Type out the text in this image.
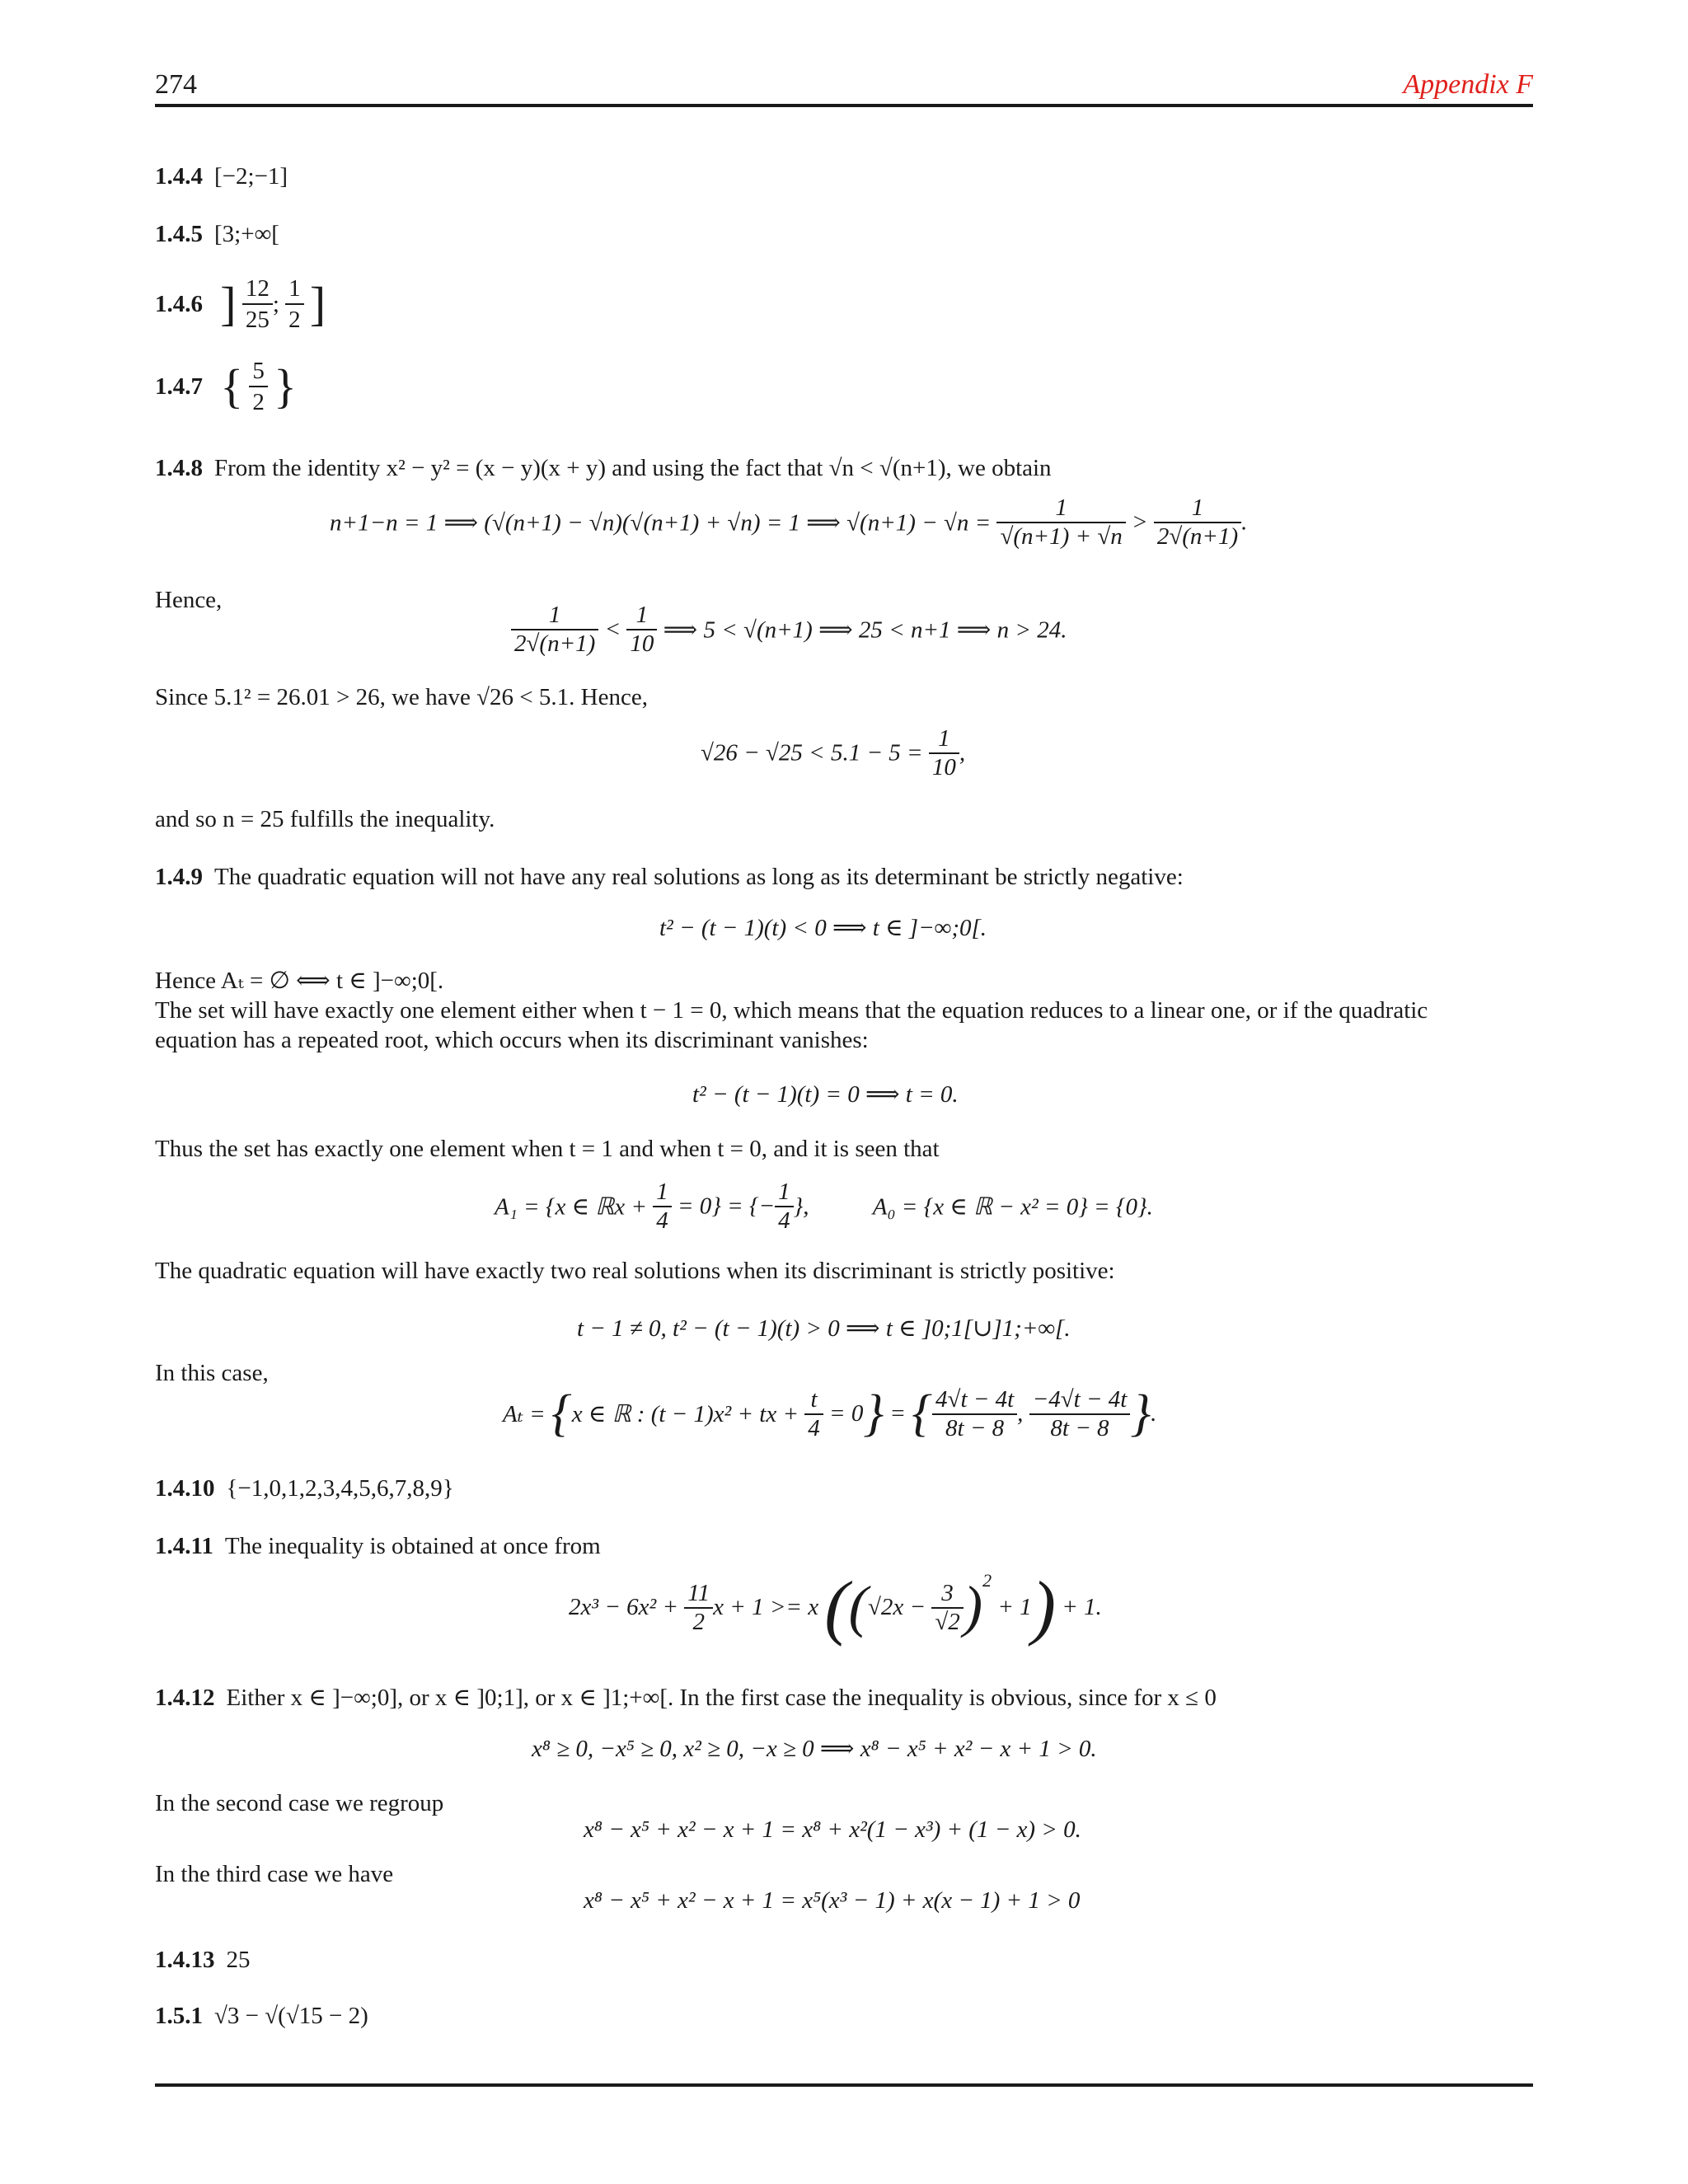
274	Appendix F
1.4.4 [−2;−1]
1.4.5 [3;+∞[
1.4.6 ] $\frac{12}{25}$ ; $\frac{1}{2}$ ]
1.4.7 { $\frac{5}{2}$ }
1.4.8 From the identity x² − y² = (x − y)(x + y) and using the fact that √n < √(n+1), we obtain
n+1−n = 1 ⟹ (√(n+1) − √n)(√(n+1) + √n) = 1 ⟹ $√(n+1) - √n = \frac{1}{√(n+1) + √n} > \frac{1}{2√(n+1)}$ .
Hence,
$\frac{1}{2√(n+1)} < \frac{1}{10}$ ⟹ 5 < √(n+1) ⟹ 25 < n+1 ⟹ n > 24.
Since 5.1² = 26.01 > 26, we have √26 < 5.1. Hence,
$√26 - √25 < 5.1 - 5 = \frac{1}{10}$ ,
and so n = 25 fulfills the inequality.
1.4.9 The quadratic equation will not have any real solutions as long as its determinant be strictly negative:
t² − (t − 1)(t) < 0 ⟹ t ∈ ]−∞;0[.
Hence Aₜ = ∅ ⟺ t ∈ ]−∞;0[.
The set will have exactly one element either when t − 1 = 0, which means that the equation reduces to a linear one, or if the quadratic
equation has a repeated root, which occurs when its discriminant vanishes:
t² − (t − 1)(t) = 0 ⟹ t = 0.
Thus the set has exactly one element when t = 1 and when t = 0, and it is seen that
A₁ = {x ∈ ℝx + $\frac{1}{4} = 0$} = {− $\frac{1}{4}$ },	A₀ = {x ∈ ℝ − x² = 0} = {0}.
The quadratic equation will have exactly two real solutions when its discriminant is strictly positive:
t − 1 ≠ 0, t² − (t − 1)(t) > 0 ⟹ t ∈ ]0;1[∪]1;+∞[.
In this case,
Aₜ = {x ∈ ℝ : (t − 1)x² + tx + $\frac{t}{4} = 0$} = { $\frac{4√t - 4t}{8t - 8}$ , $\frac{-4√t - 4t}{8t - 8}$ }.
1.4.10 {−1,0,1,2,3,4,5,6,7,8,9}
1.4.11 The inequality is obtained at once from
$2x^3 - 6x^2 + \frac{11}{2}$ x + 1 >= x $((√2x - \frac{3}{√2} )^2 + 1) + 1$.
1.4.12 Either x ∈ ]−∞;0], or x ∈ ]0;1], or x ∈ ]1;+∞[. In the first case the inequality is obvious, since for x ≤ 0
x⁸ ≥ 0, −x⁵ ≥ 0, x² ≥ 0, −x ≥ 0 ⟹ x⁸ − x⁵ + x² − x + 1 > 0.
In the second case we regroup
x⁸ − x⁵ + x² − x + 1 = x⁸ + x²(1 − x³) + (1 − x) > 0.
In the third case we have
x⁸ − x⁵ + x² − x + 1 = x⁵(x³ − 1) + x(x − 1) + 1 > 0
1.4.13 25
1.5.1 √3 − √(√15 − 2)
